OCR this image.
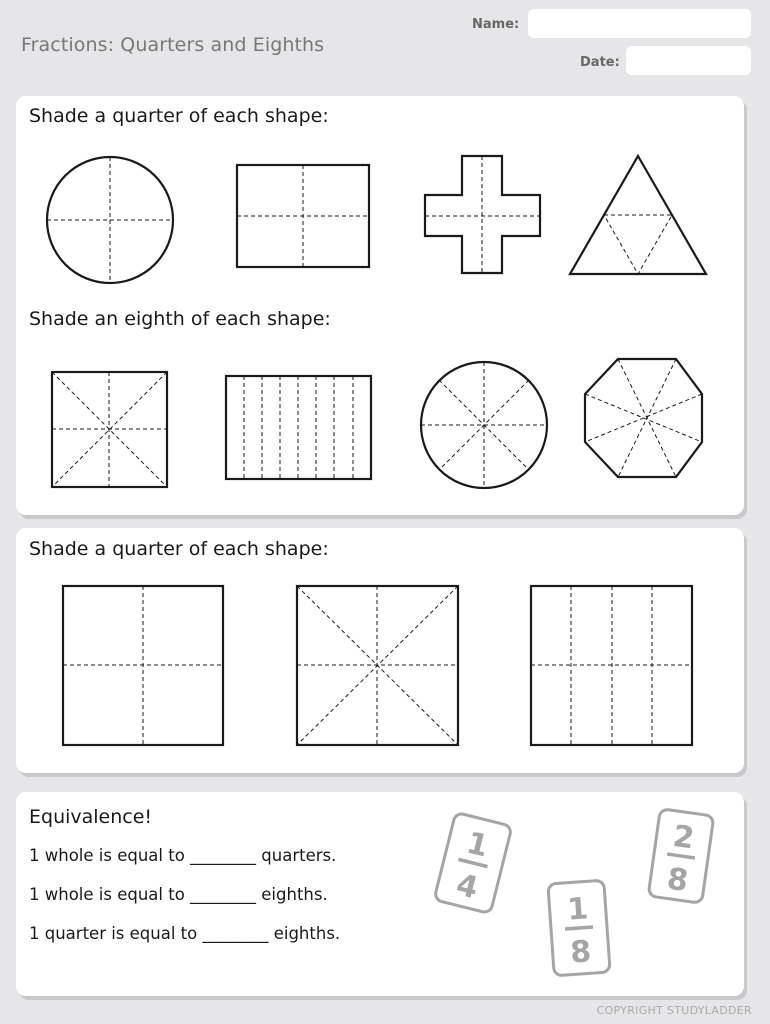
Fractions: Quarters and Eighths
Name:
Date:
Shade a quarter of each shape:
Shade an eighth of each shape:
Shade a quarter of each shape:
Equivalence!
1 whole is equal to ________ quarters.
1 whole is equal to ________ eighths.
1 quarter is equal to ________ eighths.
1
4
1
8
2
8
COPYRIGHT STUDYLADDER
